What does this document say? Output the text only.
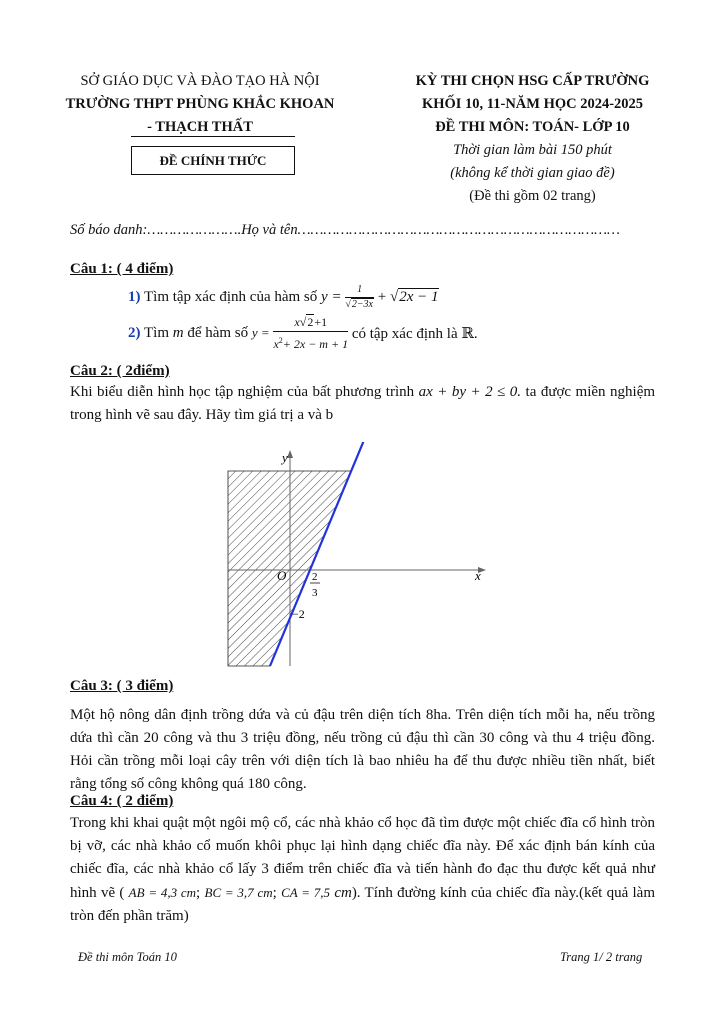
SỞ GIÁO DỤC VÀ ĐÀO TẠO HÀ NỘI
TRƯỜNG THPT PHÙNG KHẮC KHOAN
- THẠCH THẤT
ĐỀ CHÍNH THỨC
KỲ THI CHỌN HSG CẤP TRƯỜNG
KHỐI 10, 11-NĂM HỌC 2024-2025
ĐỀ THI MÔN: TOÁN- LỚP 10
Thời gian làm bài 150 phút
(không kể thời gian giao đề)
(Đề thi gồm 02 trang)
Số báo danh:………………….Họ và tên…………………………………………………………………
Câu 1: ( 4 điểm)
1) Tìm tập xác định của hàm số $y = \frac{1}{√2-3x} + √2x - 1$
2) Tìm m để hàm số $y = \frac{x√2+1}{x^2+ 2x - m + 1}$ có tập xác định là ℝ.
Câu 2: ( 2điểm)
Khi biểu diễn hình học tập nghiệm của bất phương trình ax + by + 2 ≤ 0. ta được miền nghiệm trong hình vẽ sau đây. Hãy tìm giá trị a và b
y
x
O 2
3
−2
Câu 3: ( 3 điểm)
Một hộ nông dân định trồng dứa và củ đậu trên diện tích 8ha. Trên diện tích mỗi ha, nếu trồng dứa thì cần 20 công và thu 3 triệu đồng, nếu trồng củ đậu thì cần 30 công và thu 4 triệu đồng. Hỏi cần trồng mỗi loại cây trên với diện tích là bao nhiêu ha để thu được nhiều tiền nhất, biết rằng tổng số công không quá 180 công.
Câu 4: ( 2 điểm)
Trong khi khai quật một ngôi mộ cổ, các nhà khảo cổ học đã tìm được một chiếc đĩa cổ hình tròn bị vỡ, các nhà khảo cổ muốn khôi phục lại hình dạng chiếc đĩa này. Để xác định bán kính của chiếc đĩa, các nhà khảo cổ lấy 3 điểm trên chiếc đĩa và tiến hành đo đạc thu được kết quả như hình vẽ ( AB = 4,3 cm; BC = 3,7 cm; CA = 7,5 cm). Tính đường kính của chiếc đĩa này.(kết quả làm tròn đến phần trăm)
Đề thi môn Toán 10	Trang 1/ 2 trang
